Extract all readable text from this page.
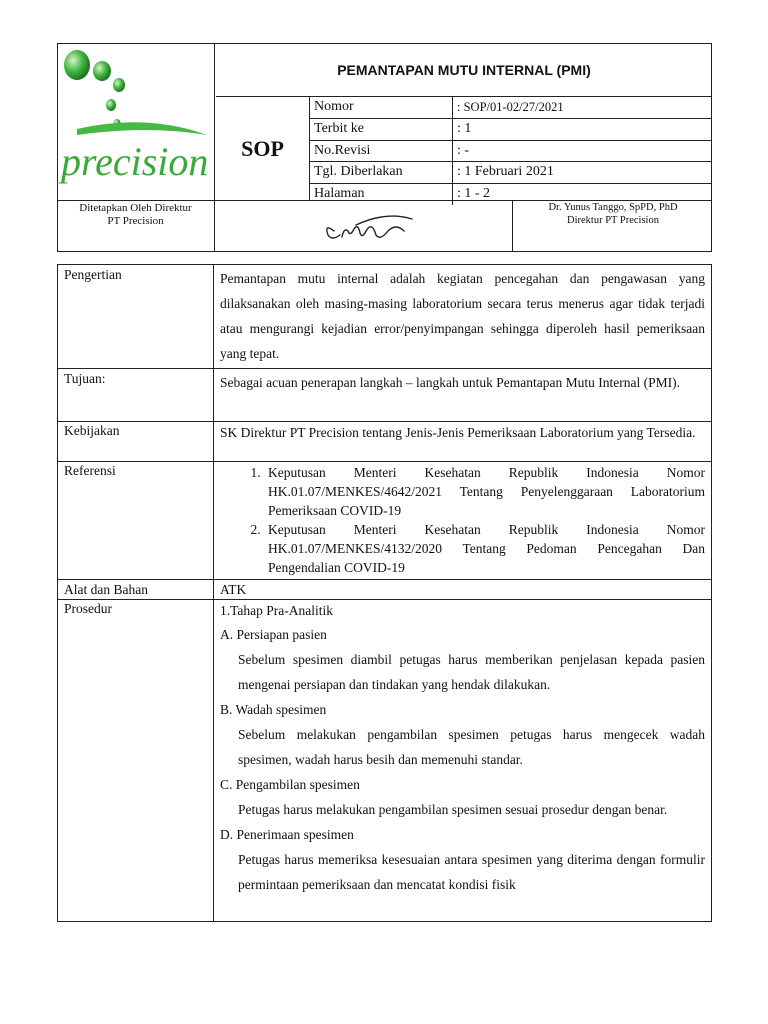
precision
PEMANTAPAN MUTU INTERNAL (PMI)
SOP
Nomor	: SOP/01-02/27/2021
Terbit ke	: 1
No.Revisi	: -
Tgl. Diberlakan	: 1 Februari 2021
Halaman	: 1 - 2
Ditetapkan Oleh Direktur
PT Precision
Dr. Yunus Tanggo, SpPD, PhD
Direktur PT Precision
Pengertian	Pemantapan mutu internal adalah kegiatan pencegahan dan pengawasan yang dilaksanakan oleh masing-masing laboratorium secara terus menerus agar tidak terjadi atau mengurangi kejadian error/penyimpangan sehingga diperoleh hasil pemeriksaan yang tepat.
Tujuan:	Sebagai acuan penerapan langkah – langkah untuk Pemantapan Mutu Internal (PMI).
Kebijakan	SK Direktur PT Precision tentang Jenis-Jenis Pemeriksaan Laboratorium yang Tersedia.
Referensi
1.	Keputusan Menteri Kesehatan Republik Indonesia Nomor HK.01.07/MENKES/4642/2021 Tentang Penyelenggaraan Laboratorium Pemeriksaan COVID-19
2. Keputusan Menteri Kesehatan Republik Indonesia Nomor HK.01.07/MENKES/4132/2020 Tentang Pedoman Pencegahan Dan Pengendalian COVID-19
Alat dan Bahan	ATK
Prosedur	1.Tahap Pra-Analitik
A. Persiapan pasien
Sebelum spesimen diambil petugas harus memberikan penjelasan kepada pasien mengenai persiapan dan tindakan yang hendak dilakukan.
B. Wadah spesimen
Sebelum melakukan pengambilan spesimen petugas harus mengecek wadah spesimen, wadah harus besih dan memenuhi standar.
C. Pengambilan spesimen
Petugas harus melakukan pengambilan spesimen sesuai prosedur dengan benar.
D. Penerimaan spesimen
Petugas harus memeriksa kesesuaian antara spesimen yang diterima dengan formulir permintaan pemeriksaan dan mencatat kondisi fisik
